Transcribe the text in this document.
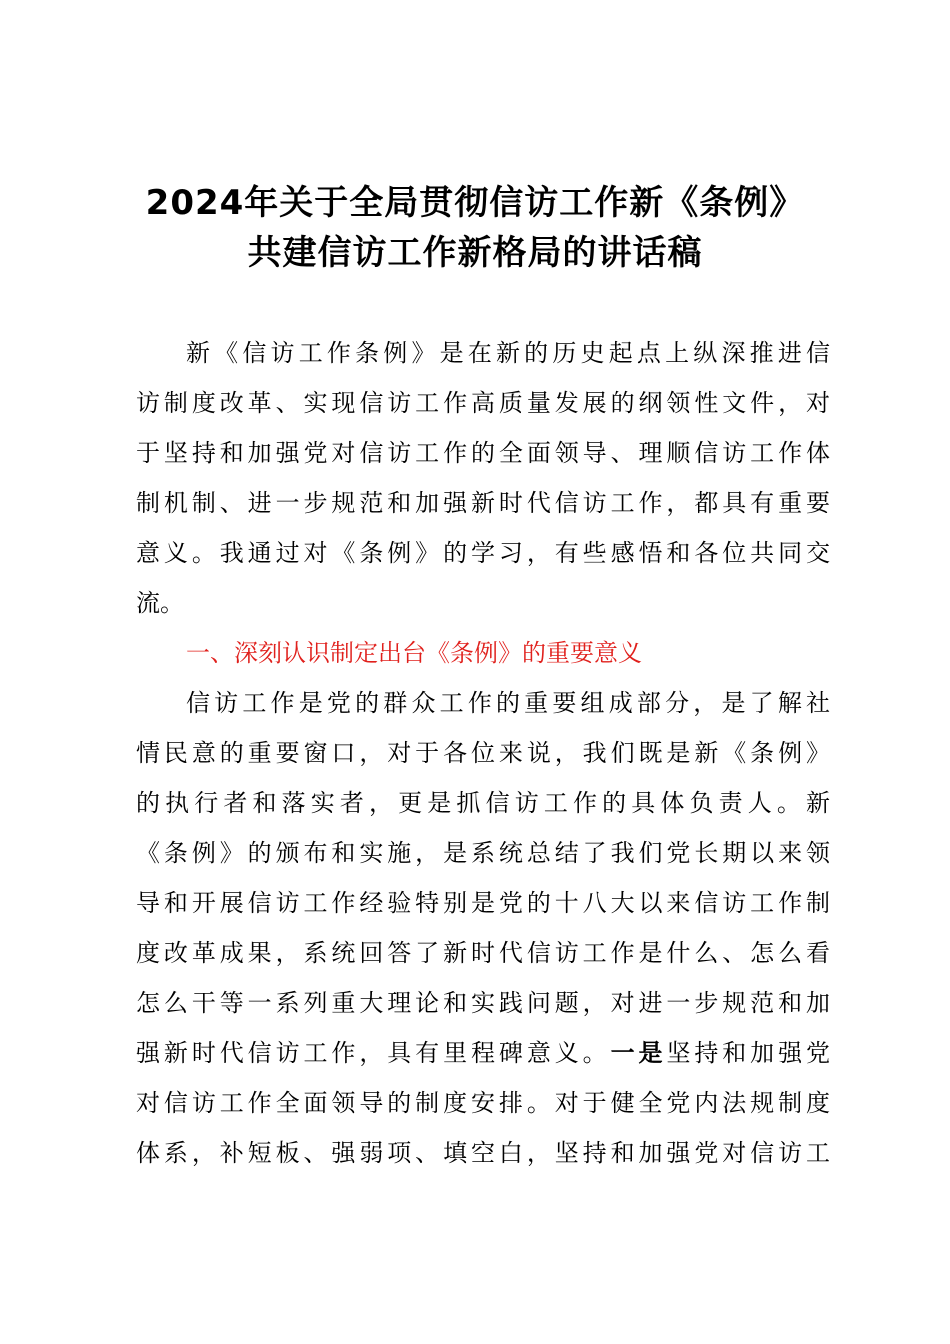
2024年关于全局贯彻信访工作新《条例》
共建信访工作新格局的讲话稿
新《信访工作条例》是在新的历史起点上纵深推进信
访制度改革、实现信访工作高质量发展的纲领性文件，对
于坚持和加强党对信访工作的全面领导、理顺信访工作体
制机制、进一步规范和加强新时代信访工作，都具有重要
意义。我通过对《条例》的学习，有些感悟和各位共同交
流。
一、深刻认识制定出台《条例》的重要意义
信访工作是党的群众工作的重要组成部分，是了解社
情民意的重要窗口，对于各位来说，我们既是新《条例》
的执行者和落实者，更是抓信访工作的具体负责人。新
《条例》的颁布和实施，是系统总结了我们党长期以来领
导和开展信访工作经验特别是党的十八大以来信访工作制
度改革成果，系统回答了新时代信访工作是什么、怎么看
怎么干等一系列重大理论和实践问题，对进一步规范和加
强新时代信访工作，具有里程碑意义。一是坚持和加强党
对信访工作全面领导的制度安排。对于健全党内法规制度
体系，补短板、强弱项、填空白，坚持和加强党对信访工
